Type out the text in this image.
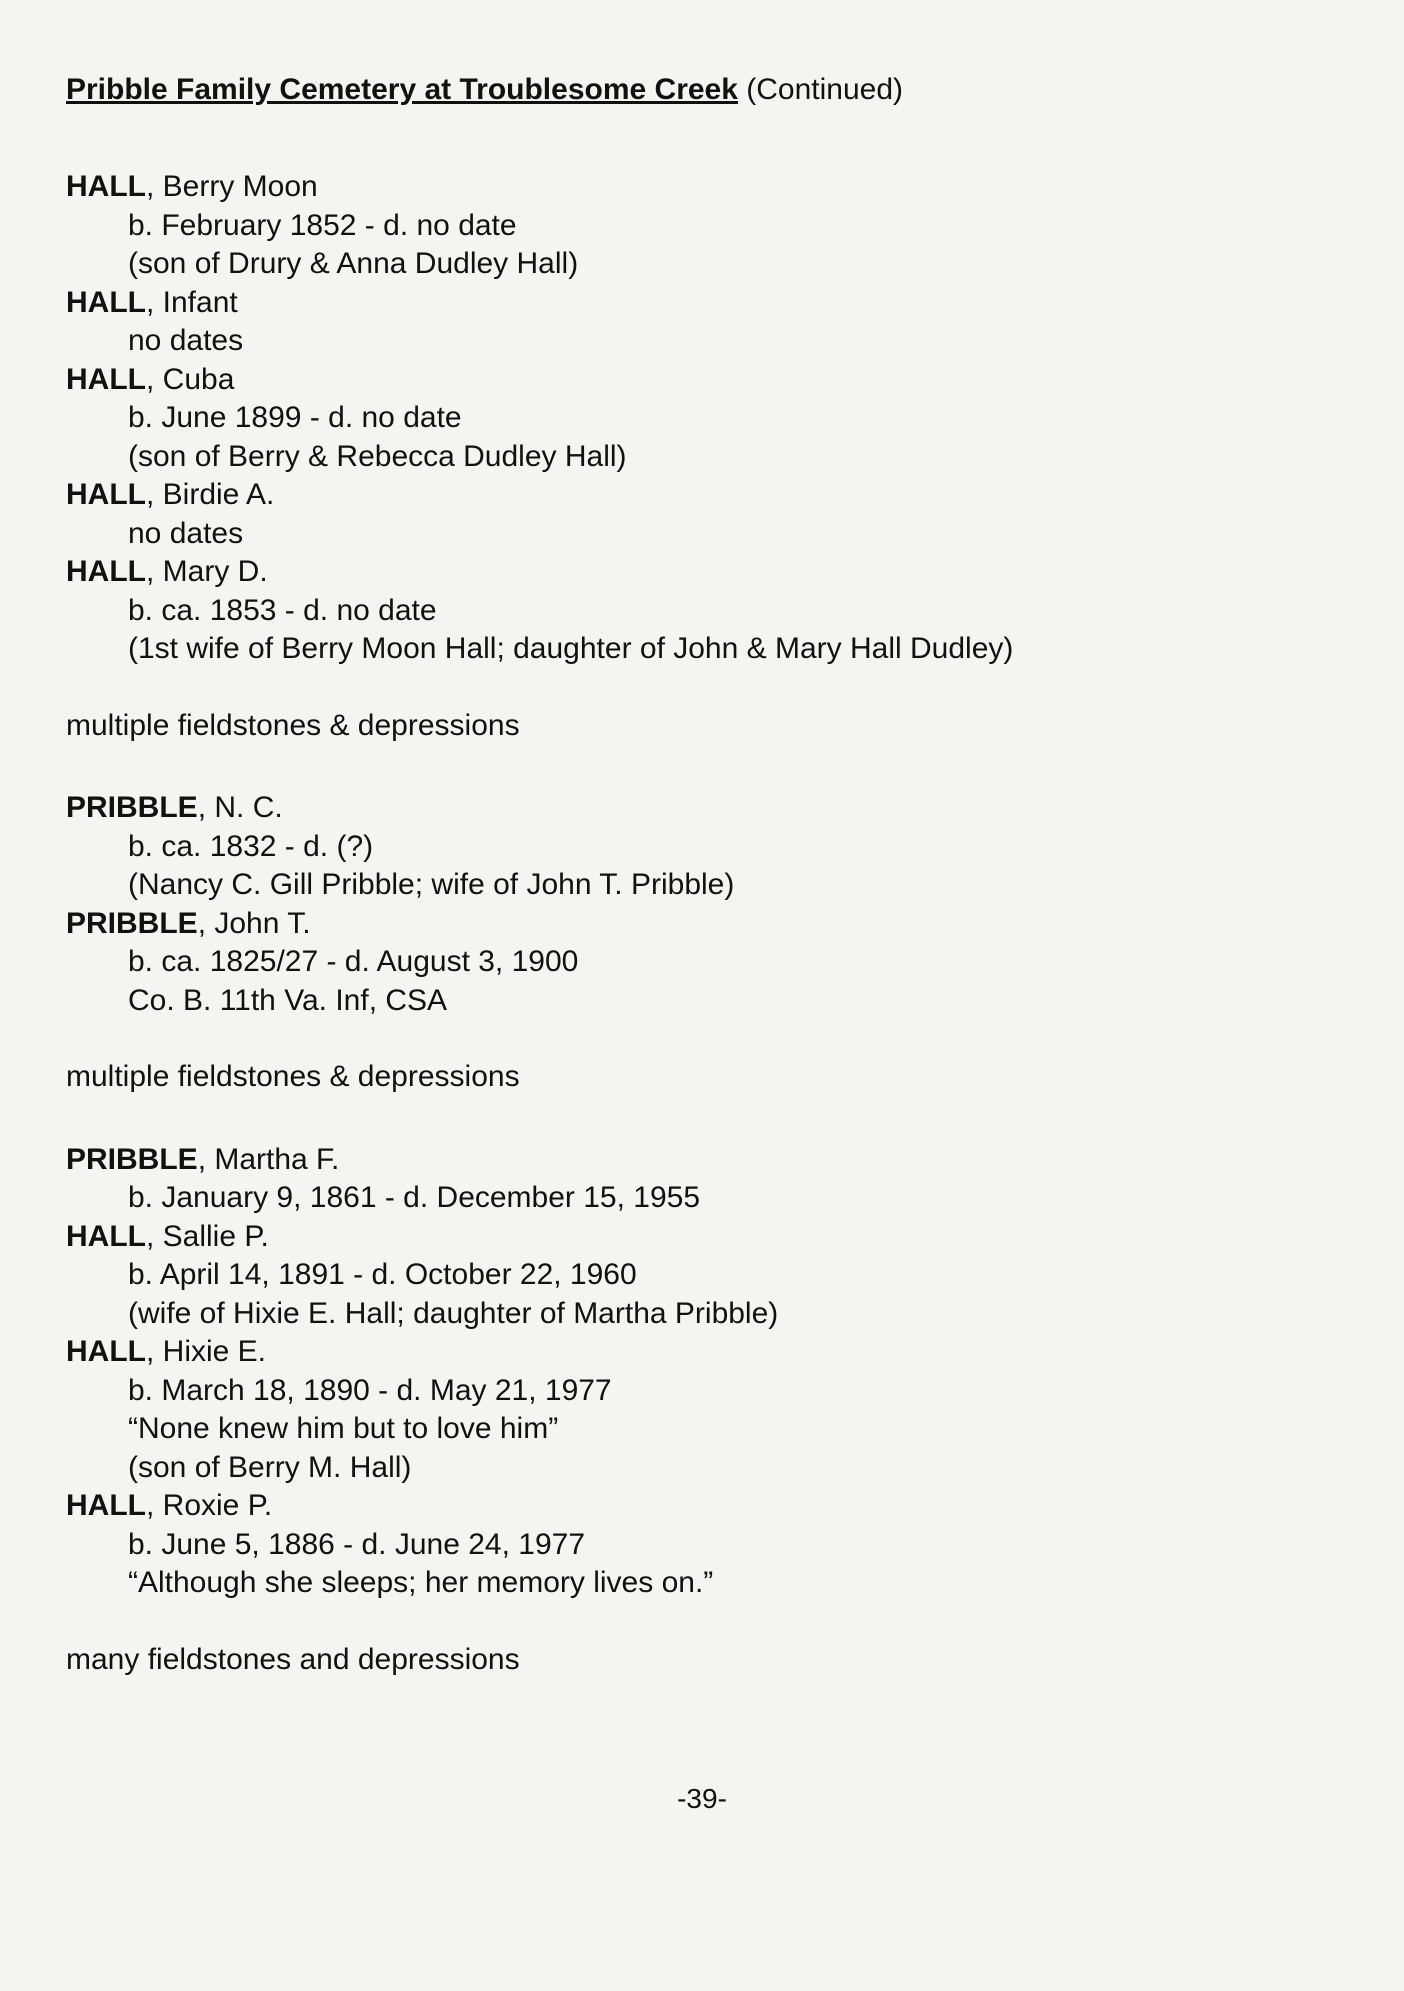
Pribble Family Cemetery at Troublesome Creek (Continued)
HALL, Berry Moon
b. February 1852 - d. no date
(son of Drury & Anna Dudley Hall)
HALL, Infant
no dates
HALL, Cuba
b. June 1899 - d. no date
(son of Berry & Rebecca Dudley Hall)
HALL, Birdie A.
no dates
HALL, Mary D.
b. ca. 1853 - d. no date
(1st wife of Berry Moon Hall; daughter of John & Mary Hall Dudley)
multiple fieldstones & depressions
PRIBBLE, N. C.
b. ca. 1832 - d. (?)
(Nancy C. Gill Pribble; wife of John T. Pribble)
PRIBBLE, John T.
b. ca. 1825/27 - d. August 3, 1900
Co. B. 11th Va. Inf, CSA
multiple fieldstones & depressions
PRIBBLE, Martha F.
b. January 9, 1861 - d. December 15, 1955
HALL, Sallie P.
b. April 14, 1891 - d. October 22, 1960
(wife of Hixie E. Hall; daughter of Martha Pribble)
HALL, Hixie E.
b. March 18, 1890 - d. May 21, 1977
“None knew him but to love him”
(son of Berry M. Hall)
HALL, Roxie P.
b. June 5, 1886 - d. June 24, 1977
“Although she sleeps; her memory lives on.”
many fieldstones and depressions
-39-
